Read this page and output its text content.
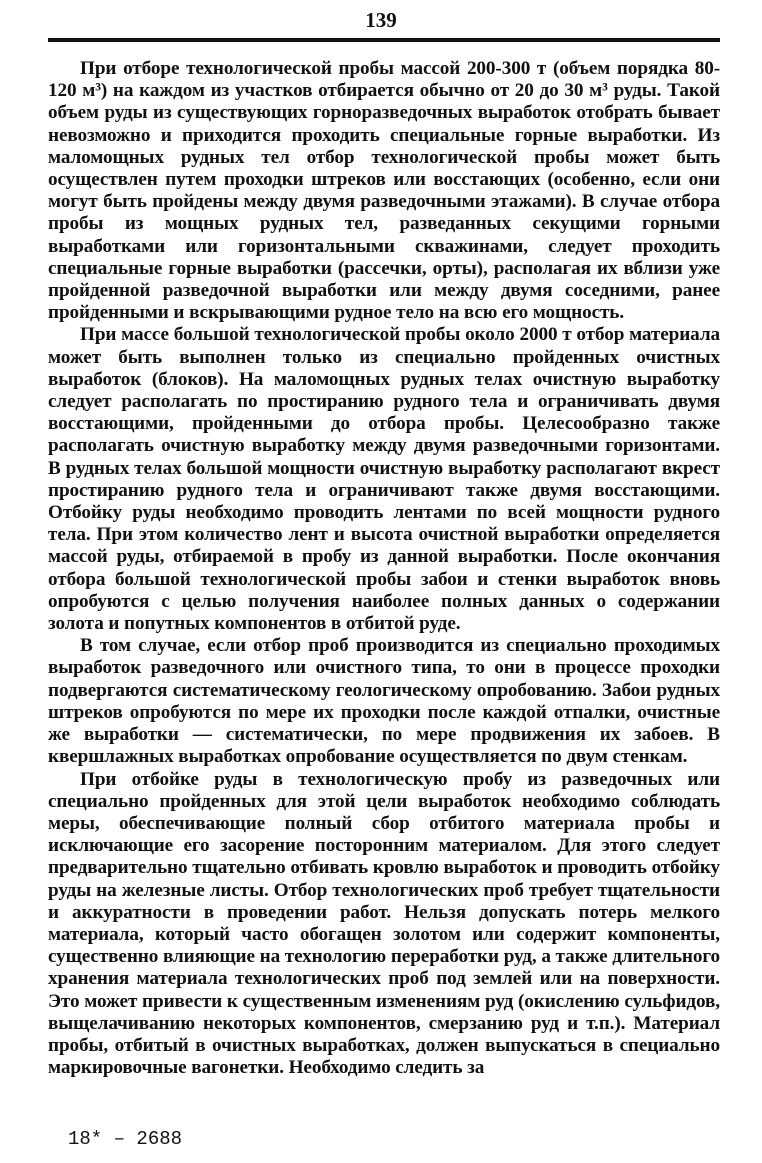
139

При отборе технологической пробы массой 200-300 т (объем порядка 80-120 м³) на каждом из участков отбирается обычно от 20 до 30 м³ руды. Такой объем руды из существующих горноразведочных выработок отобрать бывает невозможно и приходится проходить специальные горные выработки. Из маломощных рудных тел отбор технологической пробы может быть осуществлен путем проходки штреков или восстающих (особенно, если они могут быть пройдены между двумя разведочными этажами). В случае отбора пробы из мощных рудных тел, разведанных секущими горными выработками или горизонтальными скважинами, следует проходить специальные горные выработки (рассечки, орты), располагая их вблизи уже пройденной разведочной выработки или между двумя соседними, ранее пройденными и вскрывающими рудное тело на всю его мощность.

При массе большой технологической пробы около 2000 т отбор материала может быть выполнен только из специально пройденных очистных выработок (блоков). На маломощных рудных телах очистную выработку следует располагать по простиранию рудного тела и ограничивать двумя восстающими, пройденными до отбора пробы. Целесообразно также располагать очистную выработку между двумя разведочными горизонтами. В рудных телах большой мощности очистную выработку располагают вкрест простиранию рудного тела и ограничивают также двумя восстающими. Отбойку руды необходимо проводить лентами по всей мощности рудного тела. При этом количество лент и высота очистной выработки определяется массой руды, отбираемой в пробу из данной выработки. После окончания отбора большой технологической пробы забои и стенки выработок вновь опробуются с целью получения наиболее полных данных о содержании золота и попутных компонентов в отбитой руде.

В том случае, если отбор проб производится из специально проходимых выработок разведочного или очистного типа, то они в процессе проходки подвергаются систематическому геологическому опробованию. Забои рудных штреков опробуются по мере их проходки после каждой отпалки, очистные же выработки — систематически, по мере продвижения их забоев. В квершлажных выработках опробование осуществляется по двум стенкам.

При отбойке руды в технологическую пробу из разведочных или специально пройденных для этой цели выработок необходимо соблюдать меры, обеспечивающие полный сбор отбитого материала пробы и исключающие его засорение посторонним материалом. Для этого следует предварительно тщательно отбивать кровлю выработок и проводить отбойку руды на железные листы. Отбор технологических проб требует тщательности и аккуратности в проведении работ. Нельзя допускать потерь мелкого материала, который часто обогащен золотом или содержит компоненты, существенно влияющие на технологию переработки руд, а также длительного хранения материала технологических проб под землей или на поверхности. Это может привести к существенным изменениям руд (окислению сульфидов, выщелачиванию некоторых компонентов, смерзанию руд и т.п.). Материал пробы, отбитый в очистных выработках, должен выпускаться в специально маркировочные вагонетки. Необходимо следить за

18* – 2688
